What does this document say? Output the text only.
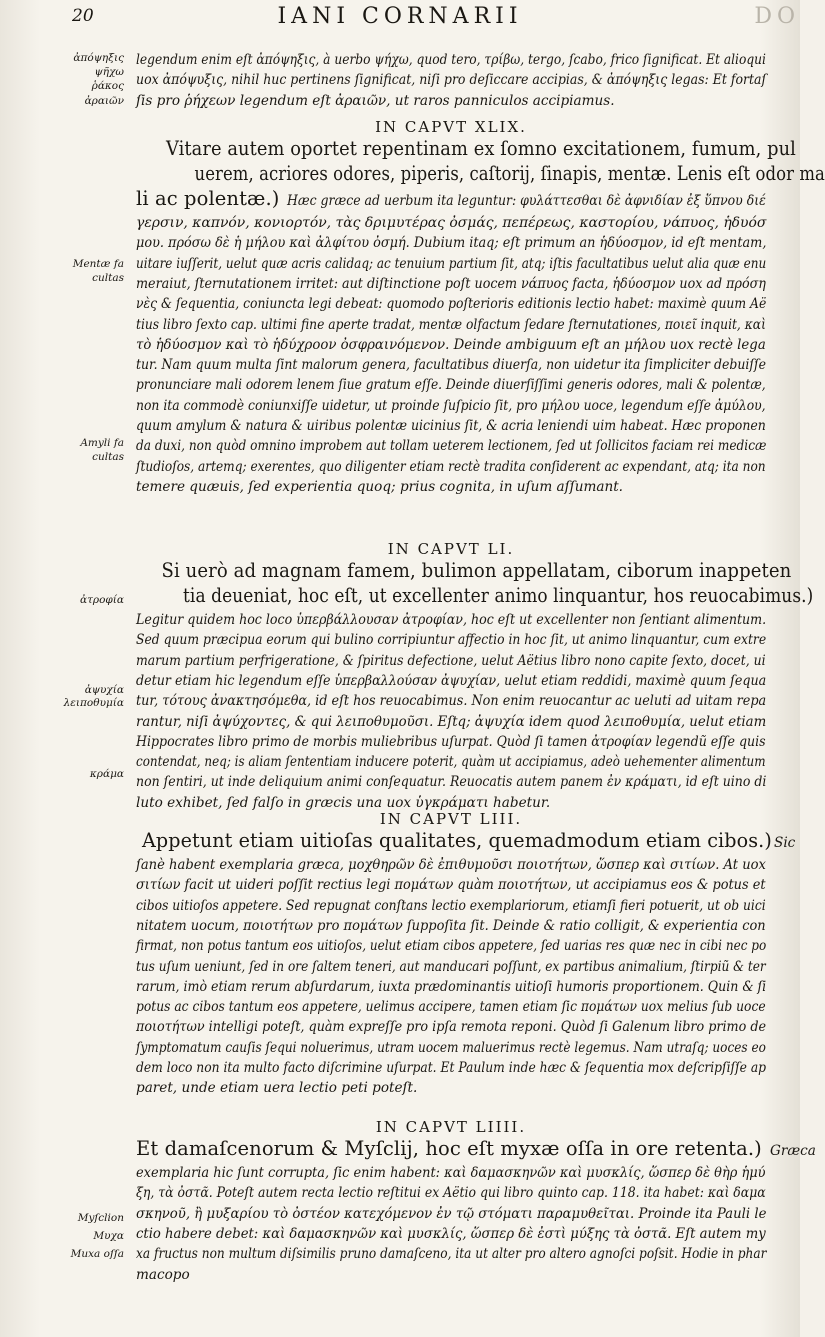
20	IANI CORNARII	DO
ἀπόψηξις
ψῆχω
ῥάκος
ἀραιῶν
Mentæ fa
cultas
Amyli fa
cultas
ἀτροφία
ἀψυχία
λειποθυμία
κράμα
Myſclion
Μυχα
Muxa oſſa
legendum enim eſt ἀπόψηξις, à uerbo ψήχω, quod tero, τρίβω, tergo, ſcabo, frico ſignificat. Et alioqui
uox ἀπόψυξις, nihil huc pertinens ſignificat, niſi pro deſiccare accipias, & ἀπόψηξις legas: Et fortaſ
ſis pro ῥήχεων legendum eſt ἀραιῶν, ut raros panniculos accipiamus.
IN CAPVT XLIX.
Vitare autem oportet repentinam ex ſomno excitationem, fumum, pul
uerem, acriores odores, piperis, caſtorij, ſinapis, mentæ. Lenis eſt odor ma
li ac polentæ.) Hæc græce ad uerbum ita leguntur: φυλάττεσθαι δὲ ἀφνιδίαν ἐξ ὕπνου διέ
γερσιν, καπνόν, κονιορτόν, τὰς δριμυτέρας ὀσμάς, πεπέρεως, καστορίου, νάπυος, ἡδυόσ
μου. πρόσω δὲ ἡ μήλου καὶ ἀλφίτου ὀσμή. Dubium itaq; eſt primum an ἡδύοσμον, id eſt mentam,
uitare iuſſerit, uelut quæ acris calidaq; ac tenuium partium ſit, atq; iſtis facultatibus uelut alia quæ enu
meraiut, ſternutationem irritet: aut diſtinctione poſt uocem νάπυος facta, ἡδύοσμον uox ad πρόση
νὲς & ſequentia, coniuncta legi debeat: quomodo poſterioris editionis lectio habet: maximè quum Aë
tius libro ſexto cap. ultimi fine aperte tradat, mentæ olfactum ſedare ſternutationes, ποιεῖ inquit, καὶ
τὸ ἡδύοσμον καὶ τὸ ἡδύχροον ὀσφραινόμενον. Deinde ambiguum eſt an μήλου uox rectè lega
tur. Nam quum multa ſint malorum genera, facultatibus diuerſa, non uidetur ita ſimpliciter debuiſſe
pronunciare mali odorem lenem ſiue gratum eſſe. Deinde diuerſiſſimi generis odores, mali & polentæ,
non ita commodè coniunxiſſe uidetur, ut proinde ſuſpicio ſit, pro μήλου uoce, legendum eſſe ἀμύλου,
quum amylum & natura & uiribus polentæ uicinius ſit, & acria leniendi uim habeat. Hæc proponen
da duxi, non quòd omnino improbem aut tollam ueterem lectionem, ſed ut ſollicitos faciam rei medicæ
ſtudioſos, artemq; exerentes, quo diligenter etiam rectè tradita conſiderent ac expendant, atq; ita non
temere quæuis, ſed experientia quoq; prius cognita, in uſum aſſumant.
IN CAPVT LI.
Si uerò ad magnam famem, bulimon appellatam, ciborum inappeten
tia deueniat, hoc eſt, ut excellenter animo linquantur, hos reuocabimus.)
Legitur quidem hoc loco ὑπερβάλλουσαν ἀτροφίαν, hoc eſt ut excellenter non ſentiant alimentum.
Sed quum præcipua eorum qui bulino corripiuntur affectio in hoc ſit, ut animo linquantur, cum extre
marum partium perfrigeratione, & ſpiritus defectione, uelut Aëtius libro nono capite ſexto, docet, ui
detur etiam hic legendum eſſe ὑπερβαλλούσαν ἀψυχίαν, uelut etiam reddidi, maximè quum ſequa
tur, τότους ἀνακτησόμεθα, id eſt hos reuocabimus. Non enim reuocantur ac ueluti ad uitam repa
rantur, niſi ἀψύχοντες, & qui λειποθυμοῦσι. Eſtq; ἀψυχία idem quod λειποθυμία, uelut etiam
Hippocrates libro primo de morbis muliebribus uſurpat. Quòd ſi tamen ἀτροφίαν legendũ eſſe quis
contendat, neq; is aliam ſententiam inducere poterit, quàm ut accipiamus, adeò uehementer alimentum
non ſentiri, ut inde deliquium animi conſequatur. Reuocatis autem panem ἐν κράματι, id eſt uino di
luto exhibet, ſed falſo in græcis una uox ὑγκράματι habetur.
IN CAPVT LIII.
Appetunt etiam uitioſas qualitates, quemadmodum etiam cibos.) Sic
ſanè habent exemplaria græca, μοχθηρῶν δὲ ἐπιθυμοῦσι ποιοτήτων, ὥσπερ καὶ σιτίων. At uox
σιτίων facit ut uideri poſſit rectius legi πομάτων quàm ποιοτήτων, ut accipiamus eos & potus et
cibos uitioſos appetere. Sed repugnat conſtans lectio exemplariorum, etiamſi fieri potuerit, ut ob uici
nitatem uocum, ποιοτήτων pro πομάτων ſuppoſita ſit. Deinde & ratio colligit, & experientia con
firmat, non potus tantum eos uitioſos, uelut etiam cibos appetere, ſed uarias res quæ nec in cibi nec po
tus uſum ueniunt, ſed in ore ſaltem teneri, aut manducari poſſunt, ex partibus animalium, ſtirpiũ & ter
rarum, imò etiam rerum abſurdarum, iuxta prædominantis uitioſi humoris proportionem. Quin & ſi
potus ac cibos tantum eos appetere, uelimus accipere, tamen etiam ſic πομάτων uox melius ſub uoce
ποιοτήτων intelligi poteſt, quàm expreſſe pro ipſa remota reponi. Quòd ſi Galenum libro primo de
ſymptomatum cauſis ſequi noluerimus, utram uocem maluerimus rectè legemus. Nam utraſq; uoces eo
dem loco non ita multo facto diſcrimine uſurpat. Et Paulum inde hæc & ſequentia mox deſcripſiſſe ap
paret, unde etiam uera lectio peti poteſt.
IN CAPVT LIIII.
Et damaſcenorum & Myſclij, hoc eſt myxæ oſſa in ore retenta.) Græca
exemplaria hic ſunt corrupta, ſic enim habent: καὶ δαμασκηνῶν καὶ μυσκλίς, ὥσπερ δὲ θὴρ ἡμύ
ξη, τὰ ὀστᾶ. Poteſt autem recta lectio reſtitui ex Aëtio qui libro quinto cap. 118. ita habet: καὶ δαμα
σκηνοῦ, ἢ μυξαρίου τὸ ὀστέον κατεχόμενον ἐν τῷ στόματι παραμυθεῖται. Proinde ita Pauli le
ctio habere debet: καὶ δαμασκηνῶν καὶ μυσκλίς, ὥσπερ δὲ ἐστὶ μύξης τὰ ὀστᾶ. Eſt autem my
xa fructus non multum diſsimilis pruno damaſceno, ita ut alter pro altero agnoſci poſsit. Hodie in phar
macopo
